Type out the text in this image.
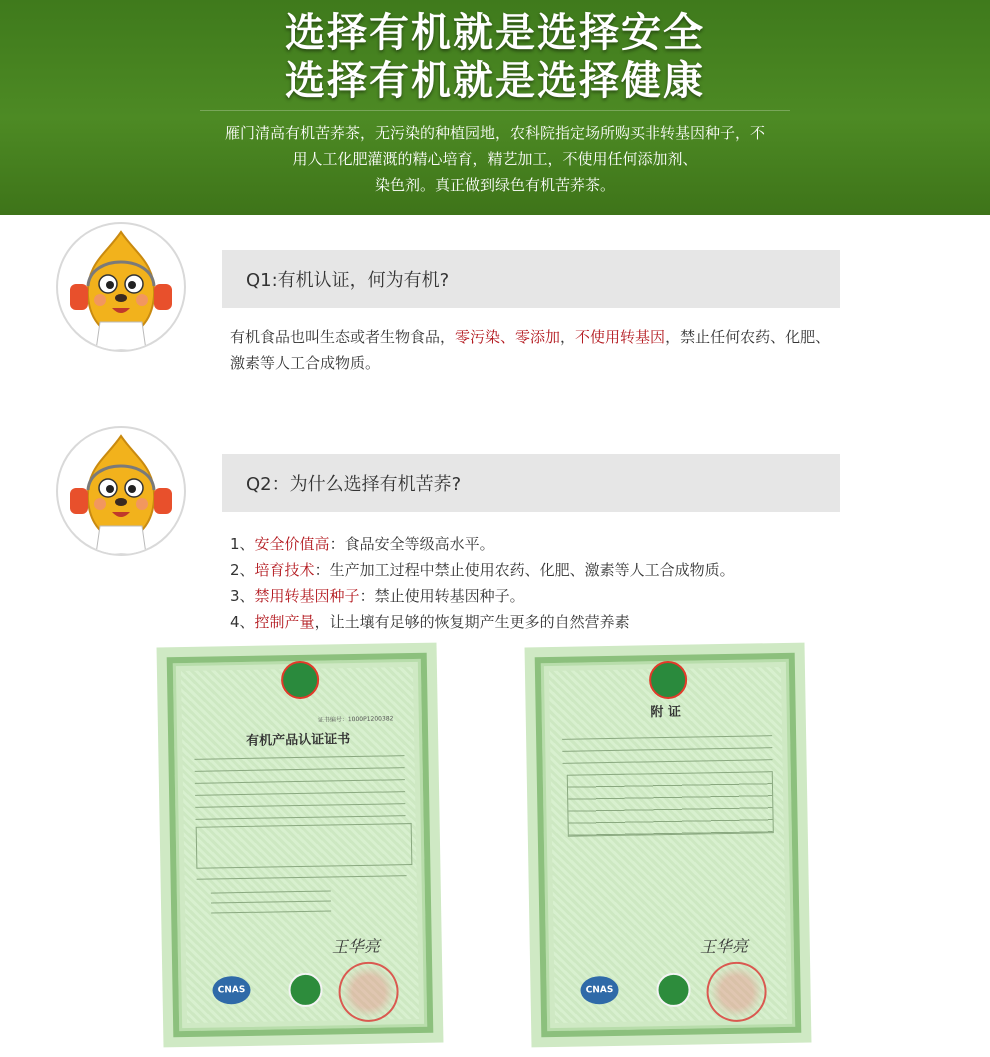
选择有机就是选择安全
选择有机就是选择健康
雁门清高有机苦荞茶，无污染的种植园地，农科院指定场所购买非转基因种子，不
用人工化肥灌溉的精心培育，精艺加工，不使用任何添加剂、
染色剂。真正做到绿色有机苦荞茶。
Q1:有机认证，何为有机?
有机食品也叫生态或者生物食品，零污染、零添加，不使用转基因，禁止任何农药、化肥、激素等人工合成物质。
Q2：为什么选择有机苦荞?
1、安全价值高：食品安全等级高水平。
2、培育技术：生产加工过程中禁止使用农药、化肥、激素等人工合成物质。
3、禁用转基因种子：禁止使用转基因种子。
4、控制产量，让土壤有足够的恢复期产生更多的自然营养素
证书编号：1000P1200382
有机产品认证证书
王华亮
CNAS
附 证
王华亮
CNAS
